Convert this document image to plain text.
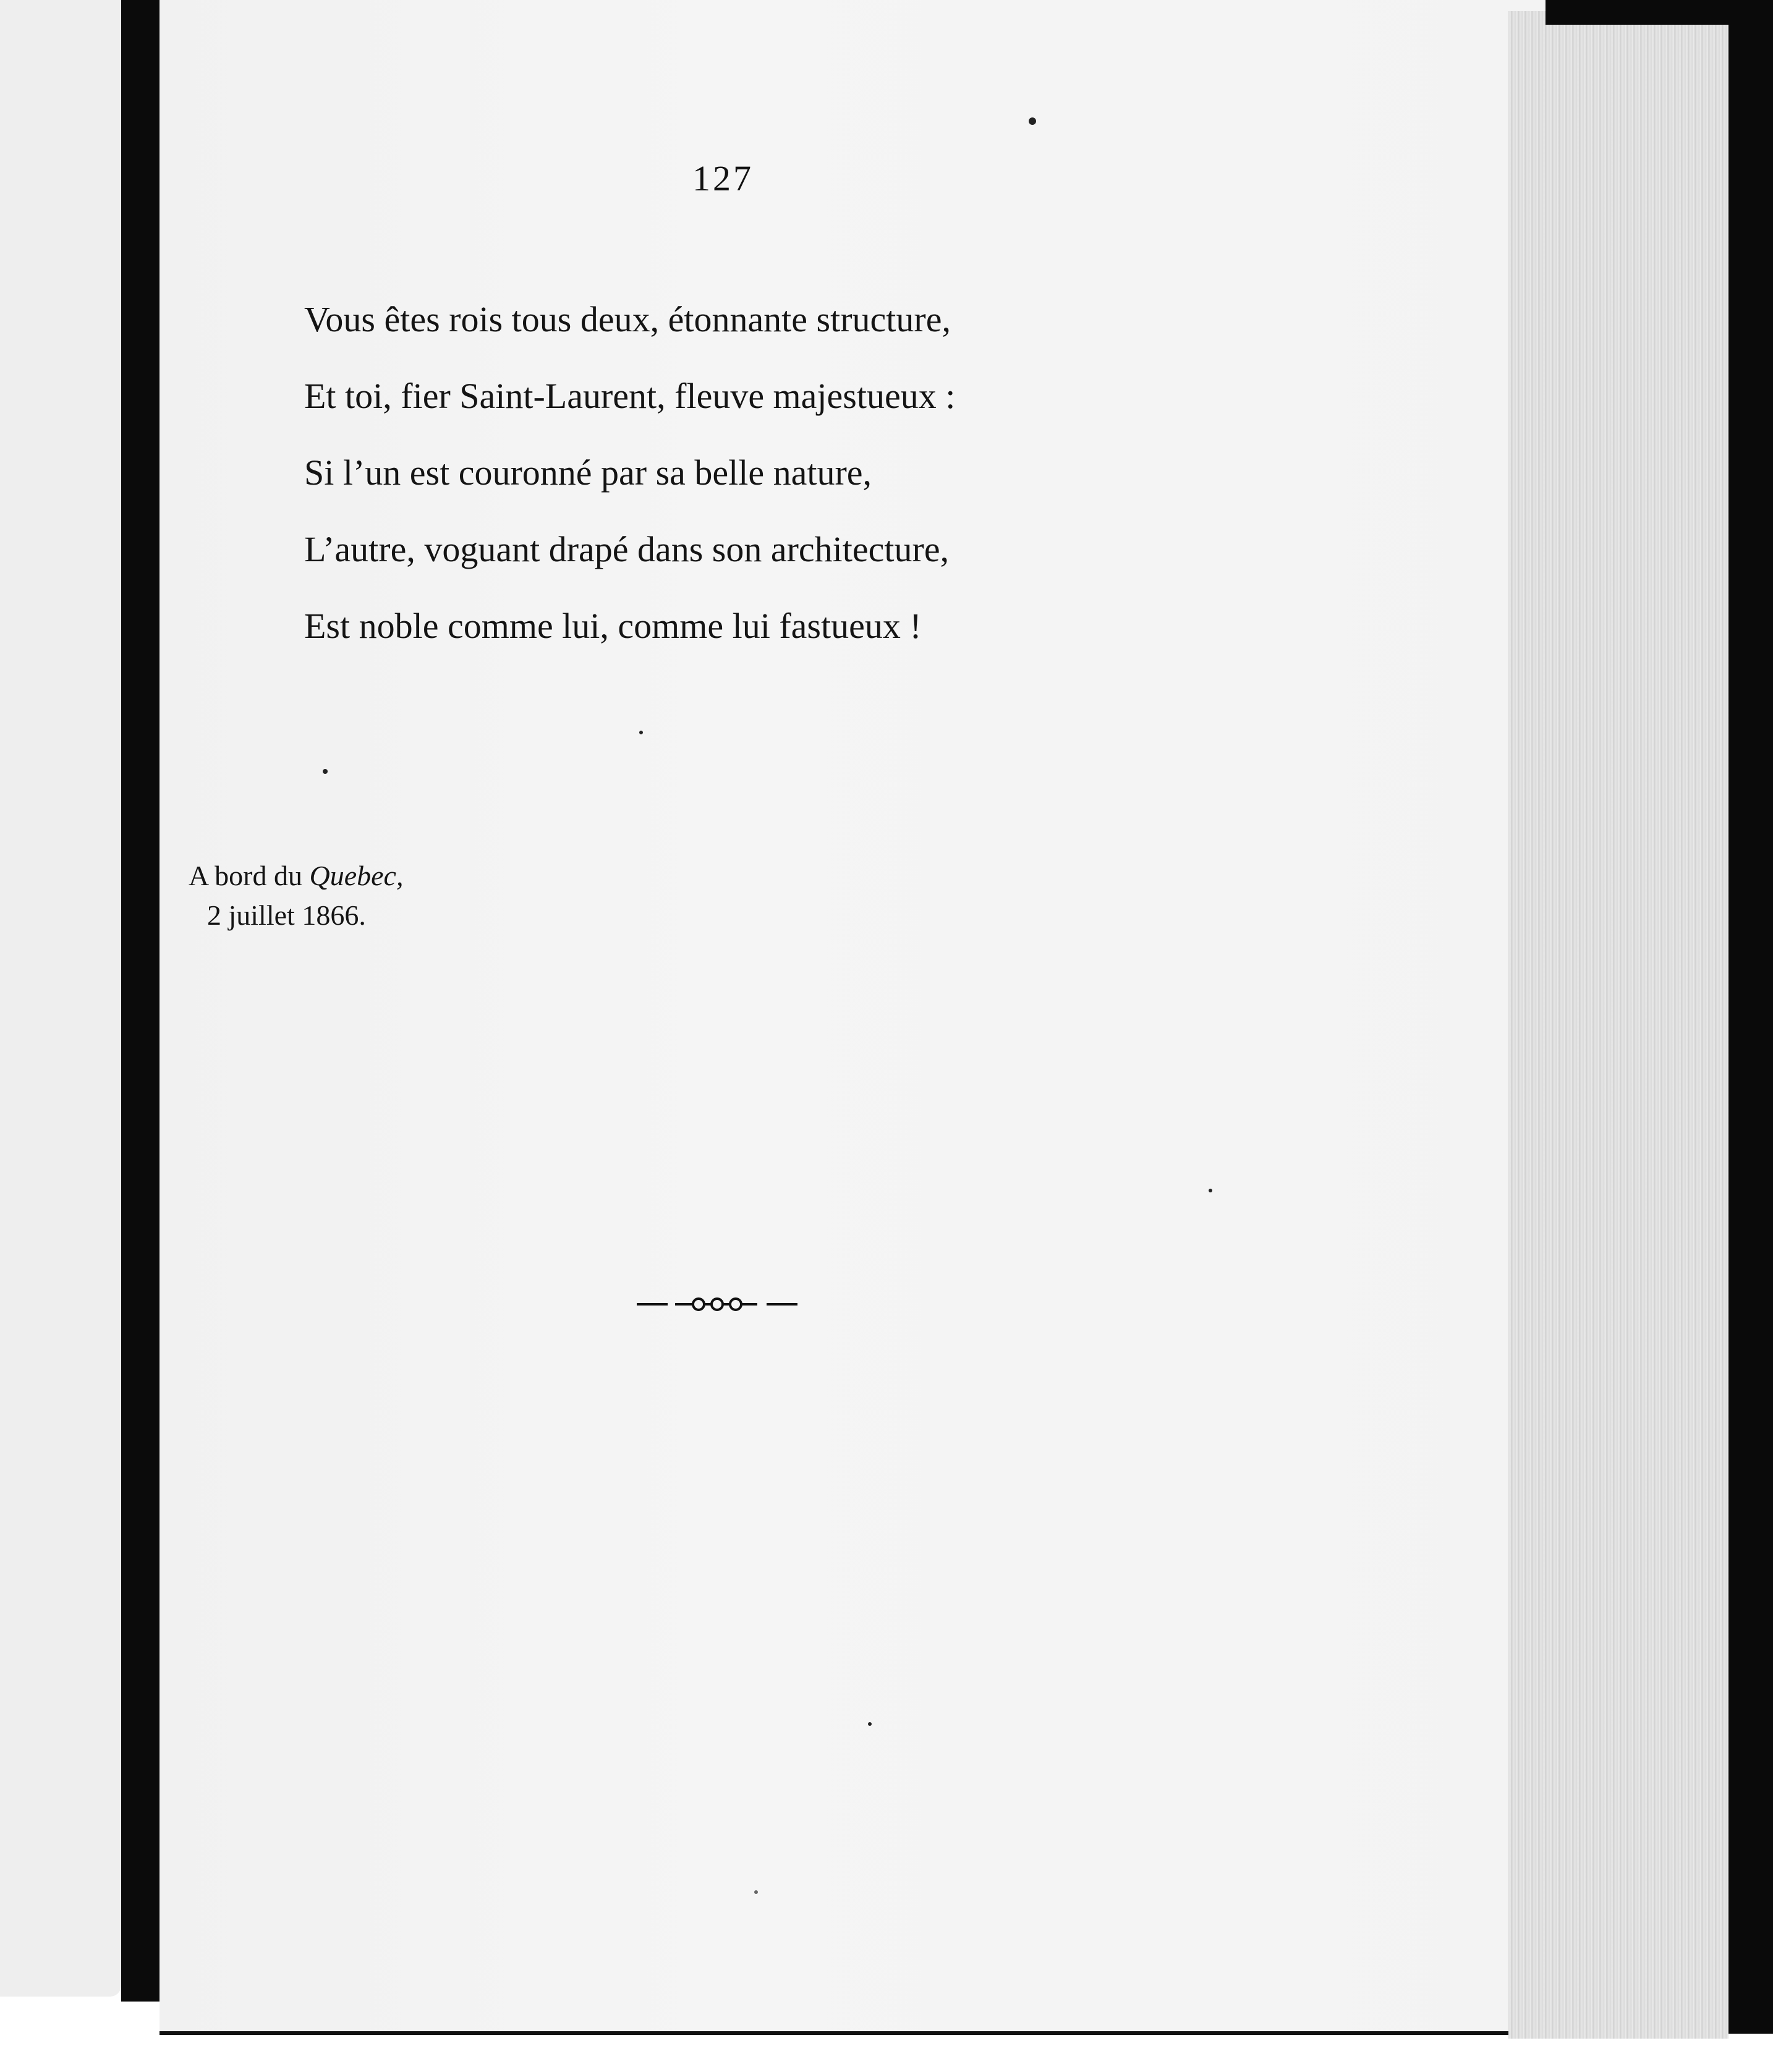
127
Vous êtes rois tous deux, étonnante structure,
Et toi, fier Saint-Laurent, fleuve majestueux :
Si l’un est couronné par sa belle nature,
L’autre, voguant drapé dans son architecture,
Est noble comme lui, comme lui fastueux !
A bord du Quebec,
2 juillet 1866.
